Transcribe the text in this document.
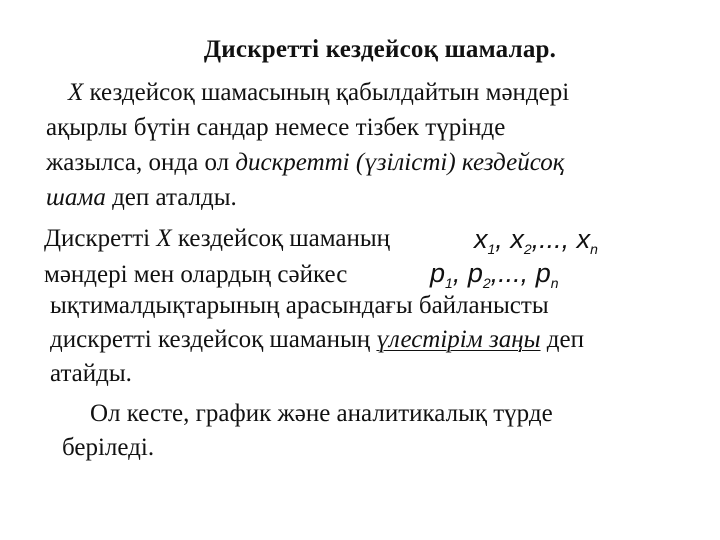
Дискретті кездейсоқ шамалар.
X кездейсоқ шамасының қабылдайтын мәндері
ақырлы бүтін сандар немесе тізбек түрінде
жазылса, онда ол дискретті (үзілісті) кездейсоқ
шама деп аталды.
Дискретті X кездейсоқ шаманың	$x_1$, $x_2$,..., $x_n$
мәндері мен олардың сәйкес	$p_1$, $p_2$,..., $p_n$
ықтималдықтарының арасындағы байланысты
дискретті кездейсоқ шаманың үлестірім заңы деп
атайды.
Ол кесте, график және аналитикалық түрде
беріледі.
